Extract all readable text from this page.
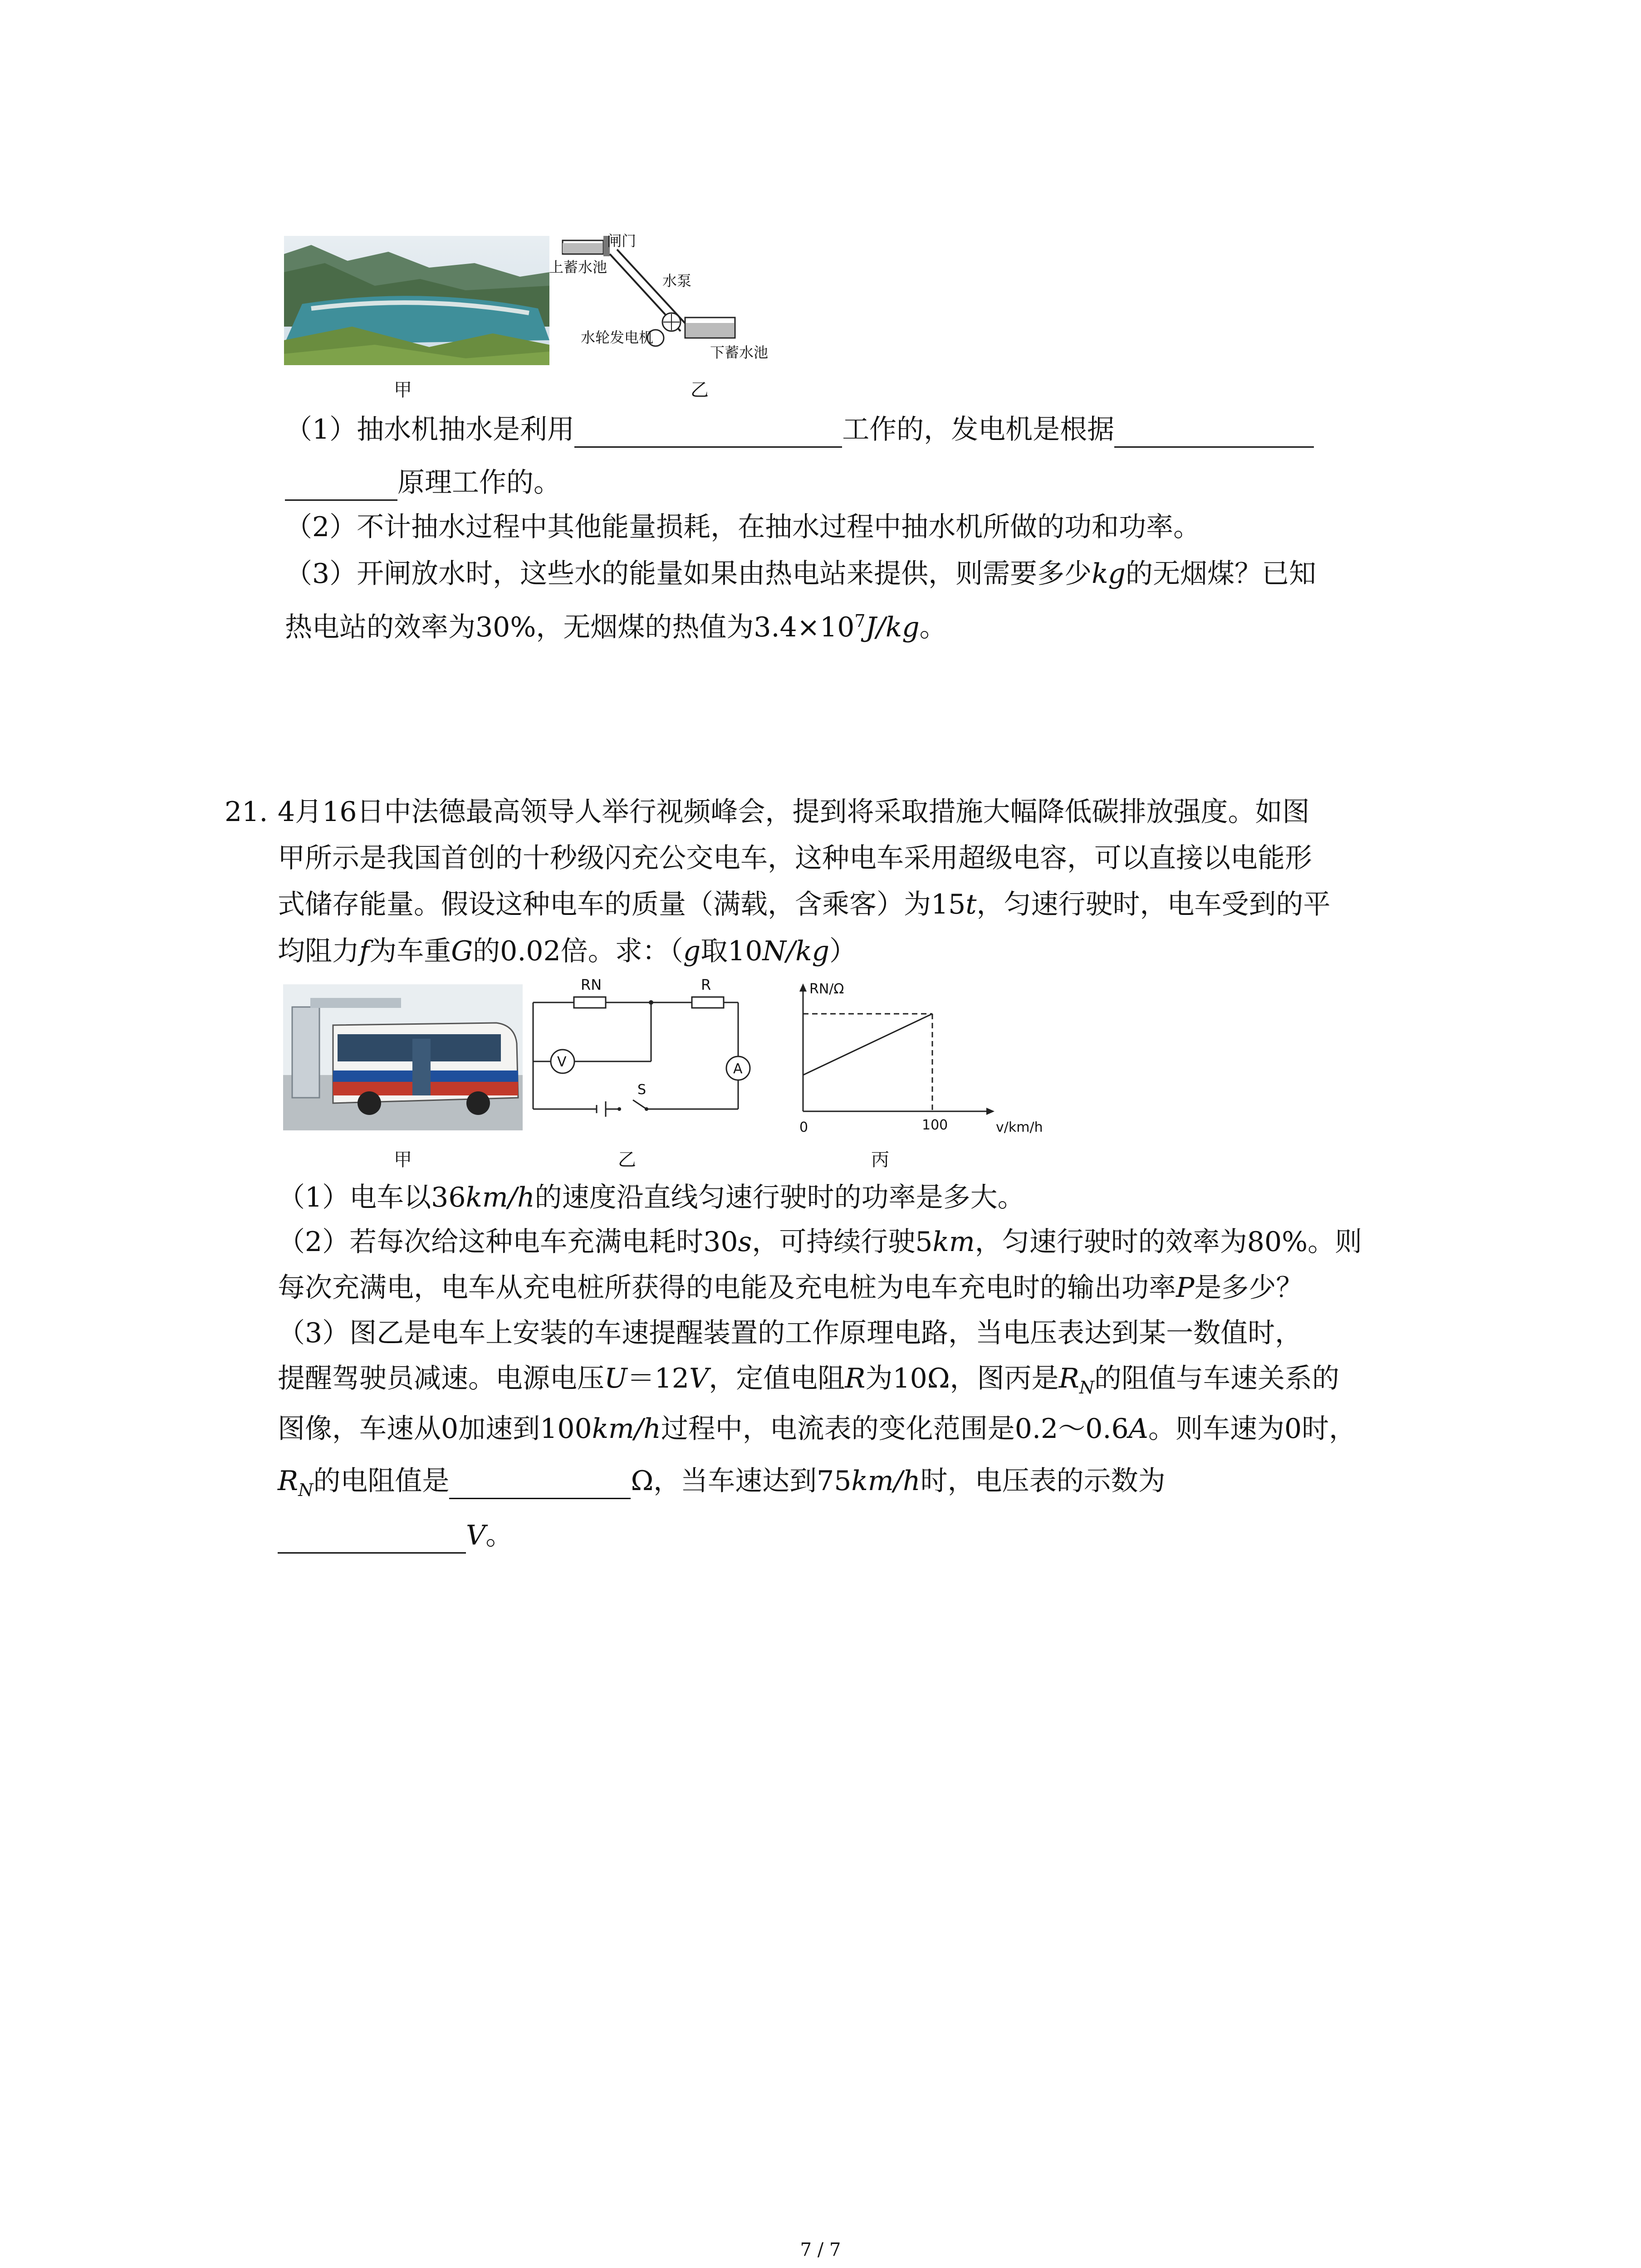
上蓄水池
闸门
水泵
水轮发电机
下蓄水池
甲	乙
（1）抽水机抽水是利用	工作的，发电机是根据
原理工作的。
（2）不计抽水过程中其他能量损耗，在抽水过程中抽水机所做的功和功率。
（3）开闸放水时，这些水的能量如果由热电站来提供，则需要多少kg的无烟煤？已知
热电站的效率为30%，无烟煤的热值为$3.4\times 10^7J/kg$。
21. 4月16日中法德最高领导人举行视频峰会，提到将采取措施大幅降低碳排放强度。如图
甲所示是我国首创的十秒级闪充公交电车，这种电车采用超级电容，可以直接以电能形
式储存能量。假设这种电车的质量（满载，含乘客）为15t，匀速行驶时，电车受到的平
均阻力f为车重G的0.02倍。求：（g取10N/kg）
RN	R
V	A
S
RN/Ω
v/km/h
0	100
甲	乙	丙
（1）电车以36km/h的速度沿直线匀速行驶时的功率是多大。
（2）若每次给这种电车充满电耗时30s，可持续行驶5km，匀速行驶时的效率为80%。则
每次充满电，电车从充电桩所获得的电能及充电桩为电车充电时的输出功率P是多少？
（3）图乙是电车上安装的车速提醒装置的工作原理电路，当电压表达到某一数值时，
提醒驾驶员减速。电源电压U＝12V，定值电阻R为10Ω，图丙是$R_N$的阻值与车速关系的
图像，车速从0加速到100km/h过程中，电流表的变化范围是0.2～0.6A。则车速为0时，
$R_N$的电阻值是	Ω，当车速达到75km/h时，电压表的示数为
V。
7 / 7
